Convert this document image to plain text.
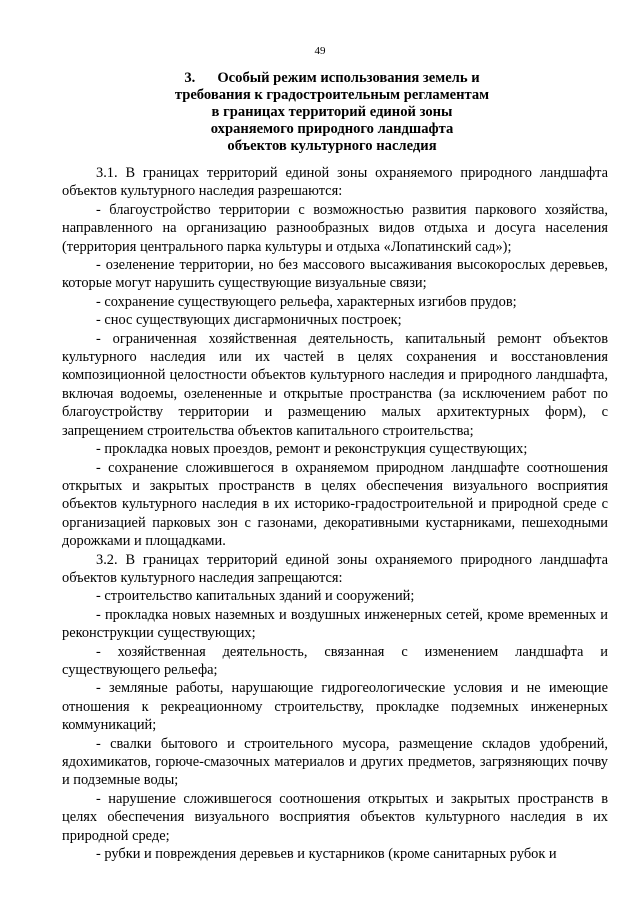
49
3. Особый режим использования земель и
требования к градостроительным регламентам
в границах территорий единой зоны
охраняемого природного ландшафта
объектов культурного наследия

3.1. В границах территорий единой зоны охраняемого природного ландшафта объектов культурного наследия разрешаются:

- благоустройство территории с возможностью развития паркового хозяйства, направленного на организацию разнообразных видов отдыха и досуга населения (территория центрального парка культуры и отдыха «Лопатинский сад»);

- озеленение территории, но без массового высаживания высокорослых деревьев, которые могут нарушить существующие визуальные связи;

- сохранение существующего рельефа, характерных изгибов прудов;

- снос существующих дисгармоничных построек;

- ограниченная хозяйственная деятельность, капитальный ремонт объектов культурного наследия или их частей в целях сохранения и восстановления композиционной целостности объектов культурного наследия и природного ландшафта, включая водоемы, озелененные и открытые пространства (за исключением работ по благоустройству территории и размещению малых архитектурных форм), с запрещением строительства объектов капитального строительства;

- прокладка новых проездов, ремонт и реконструкция существующих;

- сохранение сложившегося в охраняемом природном ландшафте соотношения открытых и закрытых пространств в целях обеспечения визуального восприятия объектов культурного наследия в их историко-градостроительной и природной среде с организацией парковых зон с газонами, декоративными кустарниками, пешеходными дорожками и площадками.

3.2. В границах территорий единой зоны охраняемого природного ландшафта объектов культурного наследия запрещаются:

- строительство капитальных зданий и сооружений;

- прокладка новых наземных и воздушных инженерных сетей, кроме временных и реконструкции существующих;

- хозяйственная деятельность, связанная с изменением ландшафта и существующего рельефа;

- земляные работы, нарушающие гидрогеологические условия и не имеющие отношения к рекреационному строительству, прокладке подземных инженерных коммуникаций;

- свалки бытового и строительного мусора, размещение складов удобрений, ядохимикатов, горюче-смазочных материалов и других предметов, загрязняющих почву и подземные воды;

- нарушение сложившегося соотношения открытых и закрытых пространств в целях обеспечения визуального восприятия объектов культурного наследия в их природной среде;

- рубки и повреждения деревьев и кустарников (кроме санитарных рубок и
